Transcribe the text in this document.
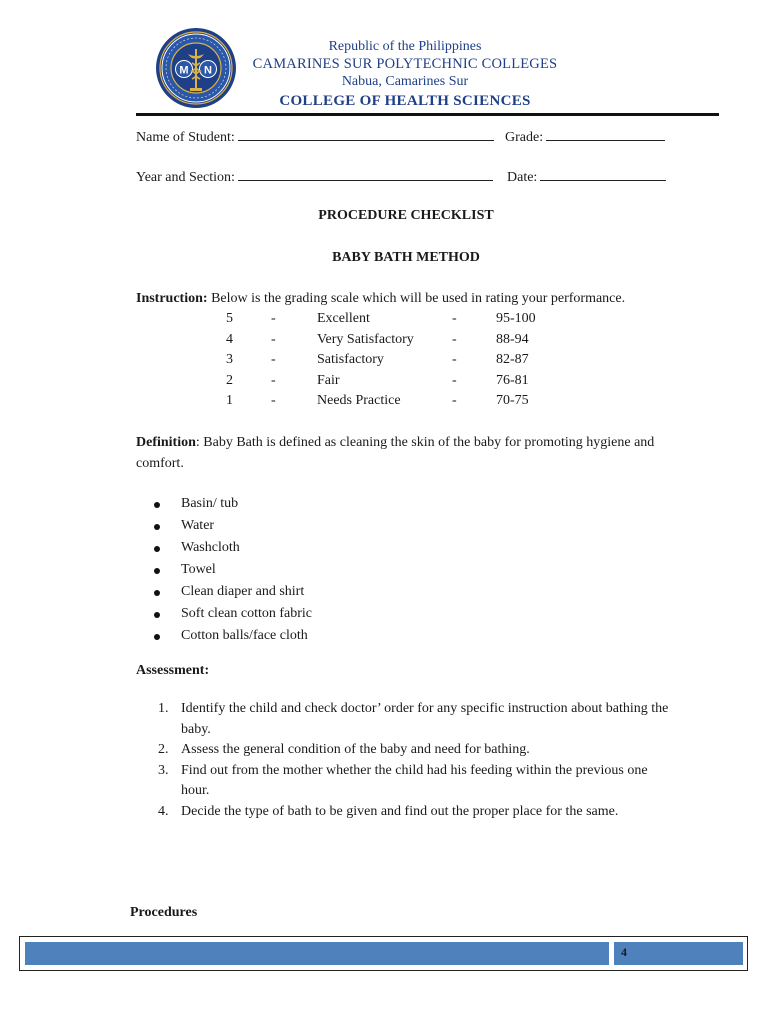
M N
Republic of the Philippines
CAMARINES SUR POLYTECHNIC COLLEGES
Nabua, Camarines Sur
COLLEGE OF HEALTH SCIENCES
Name of Student:	Grade:
Year and Section:	Date:
PROCEDURE CHECKLIST
BABY BATH METHOD
Instruction: Below is the grading scale which will be used in rating your performance.
5	-	Excellent	-	95-100
4	-	Very Satisfactory	-	88-94
3	-	Satisfactory	-	82-87
2	-	Fair	-	76-81
1	-	Needs Practice	-	70-75
Definition: Baby Bath is defined as cleaning the skin of the baby for promoting hygiene and comfort.
Basin/ tub
Water
Washcloth
Towel
Clean diaper and shirt
Soft clean cotton fabric
Cotton balls/face cloth
Assessment:
1. Identify the child and check doctor’ order for any specific instruction about bathing the baby.
2. Assess the general condition of the baby and need for bathing.
3. Find out from the mother whether the child had his feeding within the previous one hour.
4. Decide the type of bath to be given and find out the proper place for the same.
Procedures
4
